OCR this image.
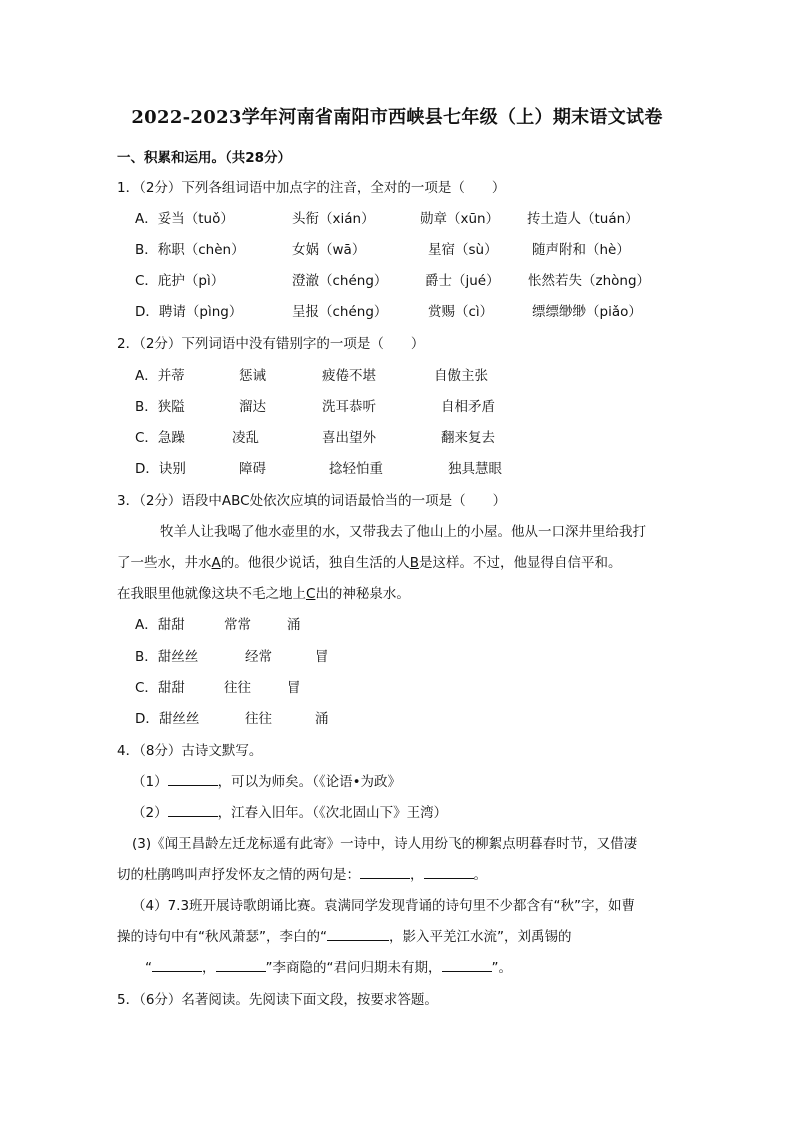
2022-2023学年河南省南阳市西峡县七年级（上）期末语文试卷
一、积累和运用。（共28分）
1．（2分）下列各组词语中加点字的注音，全对的一项是（　　）
A．妥当（tuǒ）	头衔（xián）	勋章（xūn） 抟土造人（tuán）
B．称职（chèn）	女娲（wā）	星宿（sù）	随声附和（hè）
C．庇护（pì）	澄澈（chéng）	爵士（jué） 怅然若失（zhòng）
D．聘请（pìng）	呈报（chéng）	赏赐（cì）	缥缥缈缈（piǎo）
2．（2分）下列词语中没有错别字的一项是（　　）
A．并蒂	惩诫	疲倦不堪	自傲主张
B．狭隘	溜达	洗耳恭听	自相矛盾
C．急躁	凌乱	喜出望外	翻来复去
D．诀别	障碍	捻轻怕重	独具慧眼
3．（2分）语段中ABC处依次应填的词语最恰当的一项是（　　）
牧羊人让我喝了他水壶里的水，又带我去了他山上的小屋。他从一口深井里给我打
了一些水，井水A的。他很少说话，独自生活的人B是这样。不过，他显得自信平和。
在我眼里他就像这块不毛之地上C出的神秘泉水。
A．甜甜	常常	涌
B．甜丝丝	经常	冒
C．甜甜	往往	冒
D．甜丝丝	往往	涌
4．（8分）古诗文默写。
（1）	，可以为师矣。（《论语•为政》
（2）	，江春入旧年。（《次北固山下》王湾）
(3)《闻王昌龄左迁龙标遥有此寄》一诗中，诗人用纷飞的柳絮点明暮春时节，又借凄
切的杜鹃鸣叫声抒发怀友之情的两句是：	，	。
（4）7.3班开展诗歌朗诵比赛。袁满同学发现背诵的诗句里不少都含有“秋”字，如曹
操的诗句中有“秋风萧瑟”，李白的“	，影入平羌江水流”，刘禹锡的
“	，	”李商隐的“君问归期未有期，	”。
5．（6分）名著阅读。先阅读下面文段，按要求答题。
